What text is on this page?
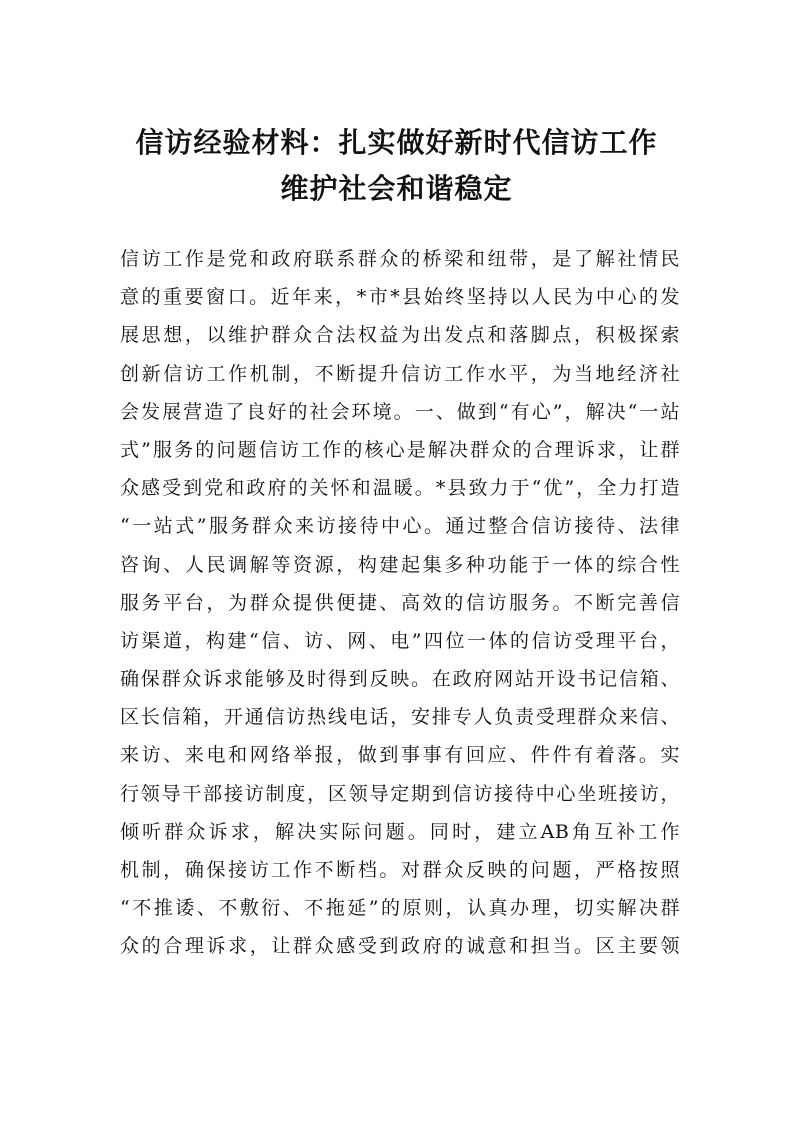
信访经验材料：扎实做好新时代信访工作
维护社会和谐稳定
信访工作是党和政府联系群众的桥梁和纽带，是了解社情民
意的重要窗口。近年来，*市*县始终坚持以人民为中心的发
展思想，以维护群众合法权益为出发点和落脚点，积极探索
创新信访工作机制，不断提升信访工作水平，为当地经济社
会发展营造了良好的社会环境。一、做到“有心”，解决“一站
式”服务的问题信访工作的核心是解决群众的合理诉求，让群
众感受到党和政府的关怀和温暖。*县致力于“优”，全力打造
“一站式”服务群众来访接待中心。通过整合信访接待、法律
咨询、人民调解等资源，构建起集多种功能于一体的综合性
服务平台，为群众提供便捷、高效的信访服务。不断完善信
访渠道，构建“信、访、网、电”四位一体的信访受理平台，
确保群众诉求能够及时得到反映。在政府网站开设书记信箱、
区长信箱，开通信访热线电话，安排专人负责受理群众来信、
来访、来电和网络举报，做到事事有回应、件件有着落。实
行领导干部接访制度，区领导定期到信访接待中心坐班接访，
倾听群众诉求，解决实际问题。同时，建立AB角互补工作
机制，确保接访工作不断档。对群众反映的问题，严格按照
“不推诿、不敷衍、不拖延”的原则，认真办理，切实解决群
众的合理诉求，让群众感受到政府的诚意和担当。区主要领
